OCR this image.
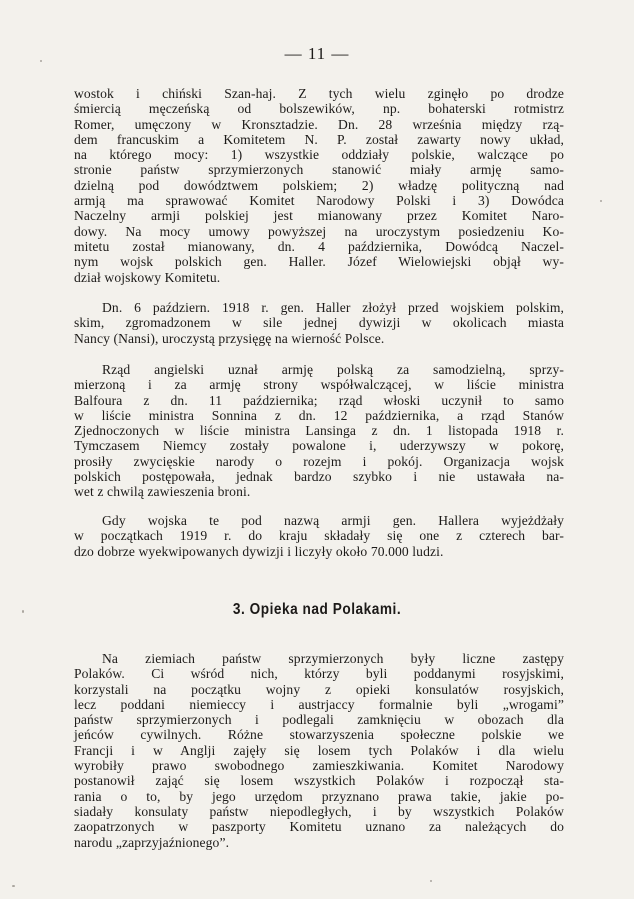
— 11 —
wostok i chiński Szan-haj. Z tych wielu zginęło po drodze
śmiercią męczeńską od bolszewików, np. bohaterski rotmistrz
Romer, umęczony w Kronsztadzie. Dn. 28 września między rzą-
dem francuskim a Komitetem N. P. został zawarty nowy układ,
na którego mocy: 1) wszystkie oddziały polskie, walczące po
stronie państw sprzymierzonych stanowić miały armję samo-
dzielną pod dowództwem polskiem; 2) władzę polityczną nad
armją ma sprawować Komitet Narodowy Polski i 3) Dowódca
Naczelny armji polskiej jest mianowany przez Komitet Naro-
dowy. Na mocy umowy powyższej na uroczystym posiedzeniu Ko-
mitetu został mianowany, dn. 4 października, Dowódcą Naczel-
nym wojsk polskich gen. Haller. Józef Wielowiejski objął wy-
dział wojskowy Komitetu.
Dn. 6 październ. 1918 r. gen. Haller złożył przed wojskiem polskim,
skim, zgromadzonem w sile jednej dywizji w okolicach miasta
Nancy (Nansi), uroczystą przysięgę na wierność Polsce.
Rząd angielski uznał armję polską za samodzielną, sprzy-
mierzoną i za armję strony współwalczącej, w liście ministra
Balfoura z dn. 11 października; rząd włoski uczynił to samo
w liście ministra Sonnina z dn. 12 października, a rząd Stanów
Zjednoczonych w liście ministra Lansinga z dn. 1 listopada 1918 r.
Tymczasem Niemcy zostały powalone i, uderzywszy w pokorę,
prosiły zwycięskie narody o rozejm i pokój. Organizacja wojsk
polskich postępowała, jednak bardzo szybko i nie ustawała na-
wet z chwilą zawieszenia broni.
Gdy wojska te pod nazwą armji gen. Hallera wyjeżdżały
w początkach 1919 r. do kraju składały się one z czterech bar-
dzo dobrze wyekwipowanych dywizji i liczyły około 70.000 ludzi.
3. Opieka nad Polakami.
Na ziemiach państw sprzymierzonych były liczne zastępy
Polaków. Ci wśród nich, którzy byli poddanymi rosyjskimi,
korzystali na początku wojny z opieki konsulatów rosyjskich,
lecz poddani niemieccy i austrjaccy formalnie byli „wrogami”
państw sprzymierzonych i podlegali zamknięciu w obozach dla
jeńców cywilnych. Różne stowarzyszenia społeczne polskie we
Francji i w Anglji zajęły się losem tych Polaków i dla wielu
wyrobiły prawo swobodnego zamieszkiwania. Komitet Narodowy
postanowił zająć się losem wszystkich Polaków i rozpoczął sta-
rania o to, by jego urzędom przyznano prawa takie, jakie po-
siadały konsulaty państw niepodległych, i by wszystkich Polaków
zaopatrzonych w paszporty Komitetu uznano za należących do
narodu „zaprzyjaźnionego”.
